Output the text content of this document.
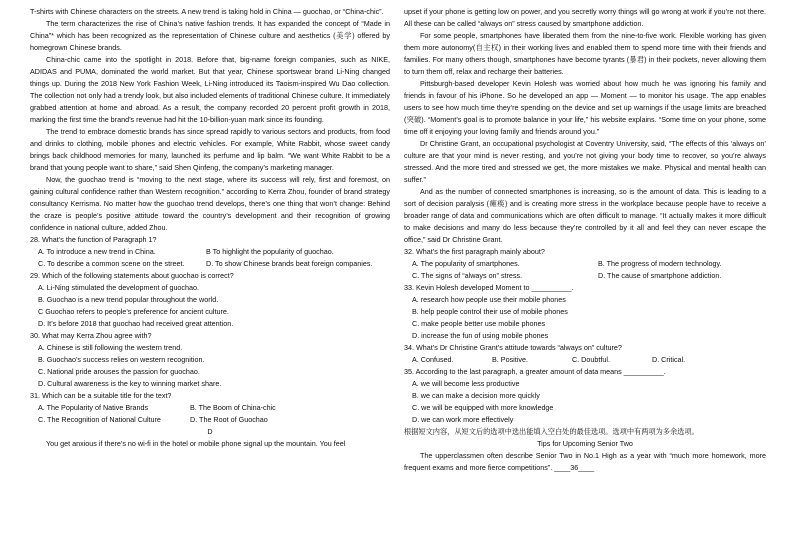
T-shirts with Chinese characters on the streets. A new trend is taking hold in China — guochao, or “China-chic”.

The term characterizes the rise of China’s native fashion trends. It has expanded the concept of “Made in China”* which has been recognized as the representation of Chinese culture and aesthetics (美学) offered by homegrown Chinese brands.

China-chic came into the spotlight in 2018. Before that, big-name foreign companies, such as NIKE, ADIDAS and PUMA, dominated the world market. But that year, Chinese sportswear brand Li-Ning changed things up. During the 2018 New York Fashion Week, Li-Ning introduced its Taoism-inspired Wu Dao collection. The collection not only had a trendy look, but also included elements of traditional Chinese culture. It immediately grabbed attention at home and abroad. As a result, the company recorded 20 percent profit growth in 2018, marking the first time the brand’s revenue had hit the 10-billion-yuan mark since its founding.

The trend to embrace domestic brands has since spread rapidly to various sectors and products, from food and drinks to clothing, mobile phones and electric vehicles. For example, White Rabbit, whose sweet candy brings back childhood memories for many, launched its perfume and lip balm. “We want White Rabbit to be a brand that young people want to share,” said Shen Qinfeng, the company’s marketing manager.

Now, the guochao trend is “moving to the next stage, where its success will rely, first and foremost, on gaining cultural confidence rather than Western recognition.” according to Kerra Zhou, founder of brand strategy consultancy Kerrisma. No matter how the guochao trend develops, there’s one thing that won’t change: Behind the craze is people’s positive attitude toward the country’s development and their recognition of growing confidence in national culture, added Zhou.

28. What’s the function of Paragraph 1?

A. To introduce a new trend in China.	B To highlight the popularity of guochao.
C. To describe a common scene on the street.	D. To show Chinese brands beat foreign companies.

29. Which of the following statements about guochao is correct?

A. Li-Ning stimulated the development of guochao.

B. Guochao is a new trend popular throughout the world.

C Guochao refers to people’s preference for ancient culture.

D. It’s before 2018 that guochao had received great attention.

30. What may Kerra Zhou agree with?

A. Chinese is still following the western trend.

B. Guochao’s success relies on western recognition.

C. National pride arouses the passion for guochao.

D. Cultural awareness is the key to winning market share.

31. Which can be a suitable title for the text?

A. The Popularity of Native Brands	B. The Boom of China-chic
C. The Recognition of National Culture	D. The Root of Guochao

D

You get anxious if there’s no wi-fi in the hotel or mobile phone signal up the mountain. You feel

upset if your phone is getting low on power, and you secretly worry things will go wrong at work if you’re not there. All these can be called “always on” stress caused by smartphone addiction.

For some people, smartphones have liberated them from the nine-to-five work. Flexible working has given them more autonomy(自主权) in their working lives and enabled them to spend more time with their friends and families. For many others though, smartphones have become tyrants (暴君) in their pockets, never allowing them to turn them off, relax and recharge their batteries.

Pittsburgh-based developer Kevin Holesh was worried about how much he was ignoring his family and friends in favour of his iPhone. So he developed an app — Moment — to monitor his usage. The app enables users to see how much time they’re spending on the device and set up warnings if the usage limits are breached (突破). “Moment’s goal is to promote balance in your life,” his website explains. “Some time on your phone, some time off it enjoying your loving family and friends around you.”

Dr Christine Grant, an occupational psychologist at Coventry University, said, “The effects of this ‘always on’ culture are that your mind is never resting, and you’re not giving your body time to recover, so you’re always stressed. And the more tired and stressed we get, the more mistakes we make. Physical and mental health can suffer.”

And as the number of connected smartphones is increasing, so is the amount of data. This is leading to a sort of decision paralysis (瘫痪) and is creating more stress in the workplace because people have to receive a broader range of data and communications which are often difficult to manage. “It actually makes it more difficult to make decisions and many do less because they’re controlled by it all and feel they can never escape the office,” said Dr Christine Grant.

32. What’s the first paragraph mainly about?

A. The popularity of smartphones.	B. The progress of modern technology.
C. The signs of “always on” stress.	D. The cause of smartphone addiction.

33. Kevin Holesh developed Moment to __________.

A. research how people use their mobile phones

B. help people control their use of mobile phones

C. make people better use mobile phones

D. increase the fun of using mobile phones

34. What’s Dr Christine Grant’s attitude towards “always on” culture?

A. Confused.	B. Positive.	C. Doubtful.	D. Critical.

35. According to the last paragraph, a greater amount of data means __________.

A. we will become less productive

B. we can make a decision more quickly

C. we will be equipped with more knowledge

D. we can work more effectively

根据短文内容，从短文后的选项中选出能填入空白处的最佳选项。选项中有两项为多余选项。

Tips for Upcoming Senior Two

The upperclassmen often describe Senior Two in No.1 High as a year with “much more homework, more frequent exams and more fierce competitions”. ____36____
